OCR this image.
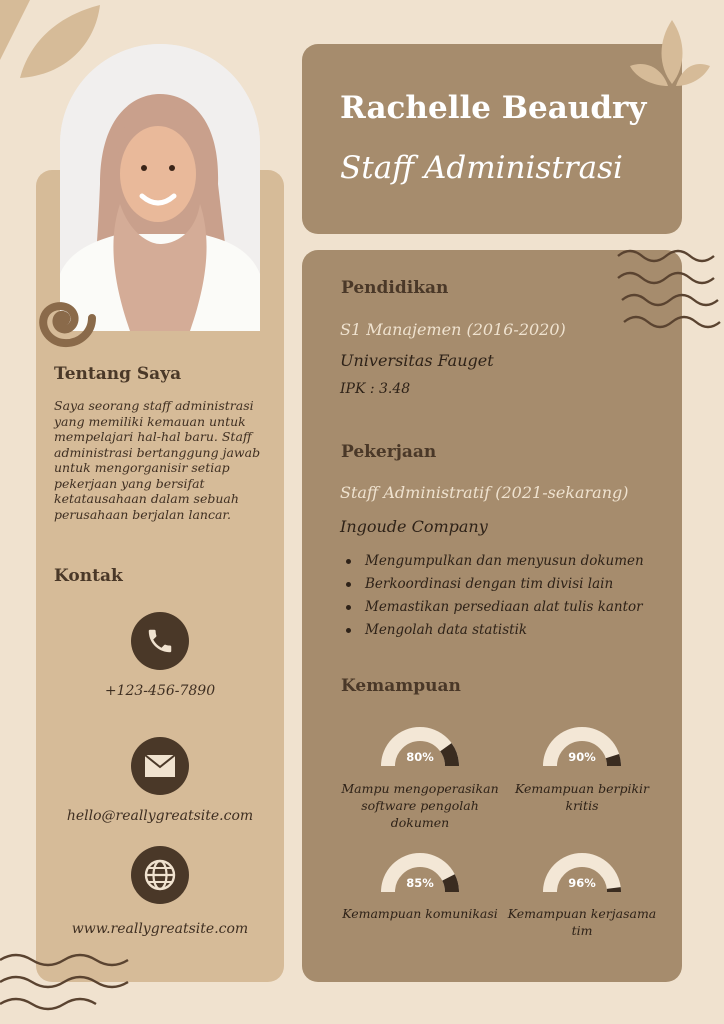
Tentang Saya
Saya seorang staff administrasi yang memiliki kemauan untuk mempelajari hal-hal baru. Staff administrasi bertanggung jawab untuk mengorganisir setiap pekerjaan yang bersifat ketatausahaan dalam sebuah perusahaan berjalan lancar.
Kontak
+123-456-7890
hello@reallygreatsite.com
www.reallygreatsite.com
Rachelle Beaudry
Staff Administrasi
Pendidikan
S1 Manajemen (2016-2020)
Universitas Fauget
IPK : 3.48
Pekerjaan
Staff Administratif (2021-sekarang)
Ingoude Company
Mengumpulkan dan menyusun dokumen
Berkoordinasi dengan tim divisi lain
Memastikan persediaan alat tulis kantor
Mengolah data statistik
Kemampuan
80%
Mampu mengoperasikan software pengolah dokumen
90%
Kemampuan berpikir kritis
85%
Kemampuan komunikasi
96%
Kemampuan kerjasama tim
